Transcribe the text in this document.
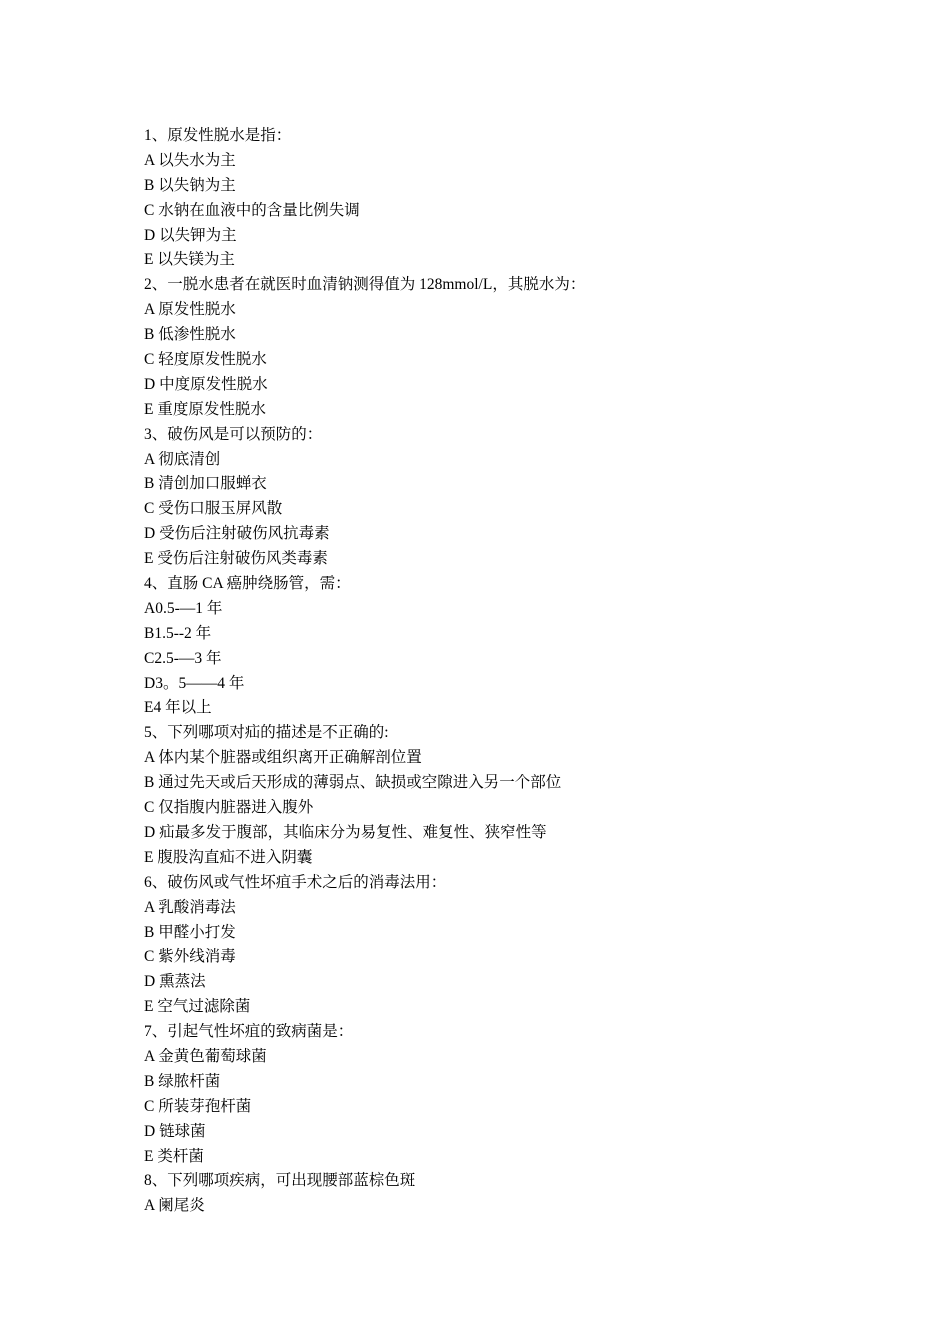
1、原发性脱水是指：
A 以失水为主
B 以失钠为主
C 水钠在血液中的含量比例失调
D 以失钾为主
E 以失镁为主
2、一脱水患者在就医时血清钠测得值为 128mmol/L，其脱水为：
A 原发性脱水
B 低渗性脱水
C 轻度原发性脱水
D 中度原发性脱水
E 重度原发性脱水
3、破伤风是可以预防的：
A 彻底清创
B 清创加口服蝉衣
C 受伤口服玉屏风散
D 受伤后注射破伤风抗毒素
E 受伤后注射破伤风类毒素
4、直肠 CA 癌肿绕肠管，需：
A0.5-—1 年
B1.5--2 年
C2.5-—3 年
D3。5——4 年
E4 年以上
5、下列哪项对疝的描述是不正确的:
A 体内某个脏器或组织离开正确解剖位置
B 通过先天或后天形成的薄弱点、缺损或空隙进入另一个部位
C 仅指腹内脏器进入腹外
D 疝最多发于腹部，其临床分为易复性、难复性、狭窄性等
E 腹股沟直疝不进入阴囊
6、破伤风或气性坏疽手术之后的消毒法用：
A 乳酸消毒法
B 甲醛小打发
C 紫外线消毒
D 熏蒸法
E 空气过滤除菌
7、引起气性坏疽的致病菌是：
A 金黄色葡萄球菌
B 绿脓杆菌
C 所装芽孢杆菌
D 链球菌
E 类杆菌
8、下列哪项疾病，可出现腰部蓝棕色斑
A 阑尾炎
